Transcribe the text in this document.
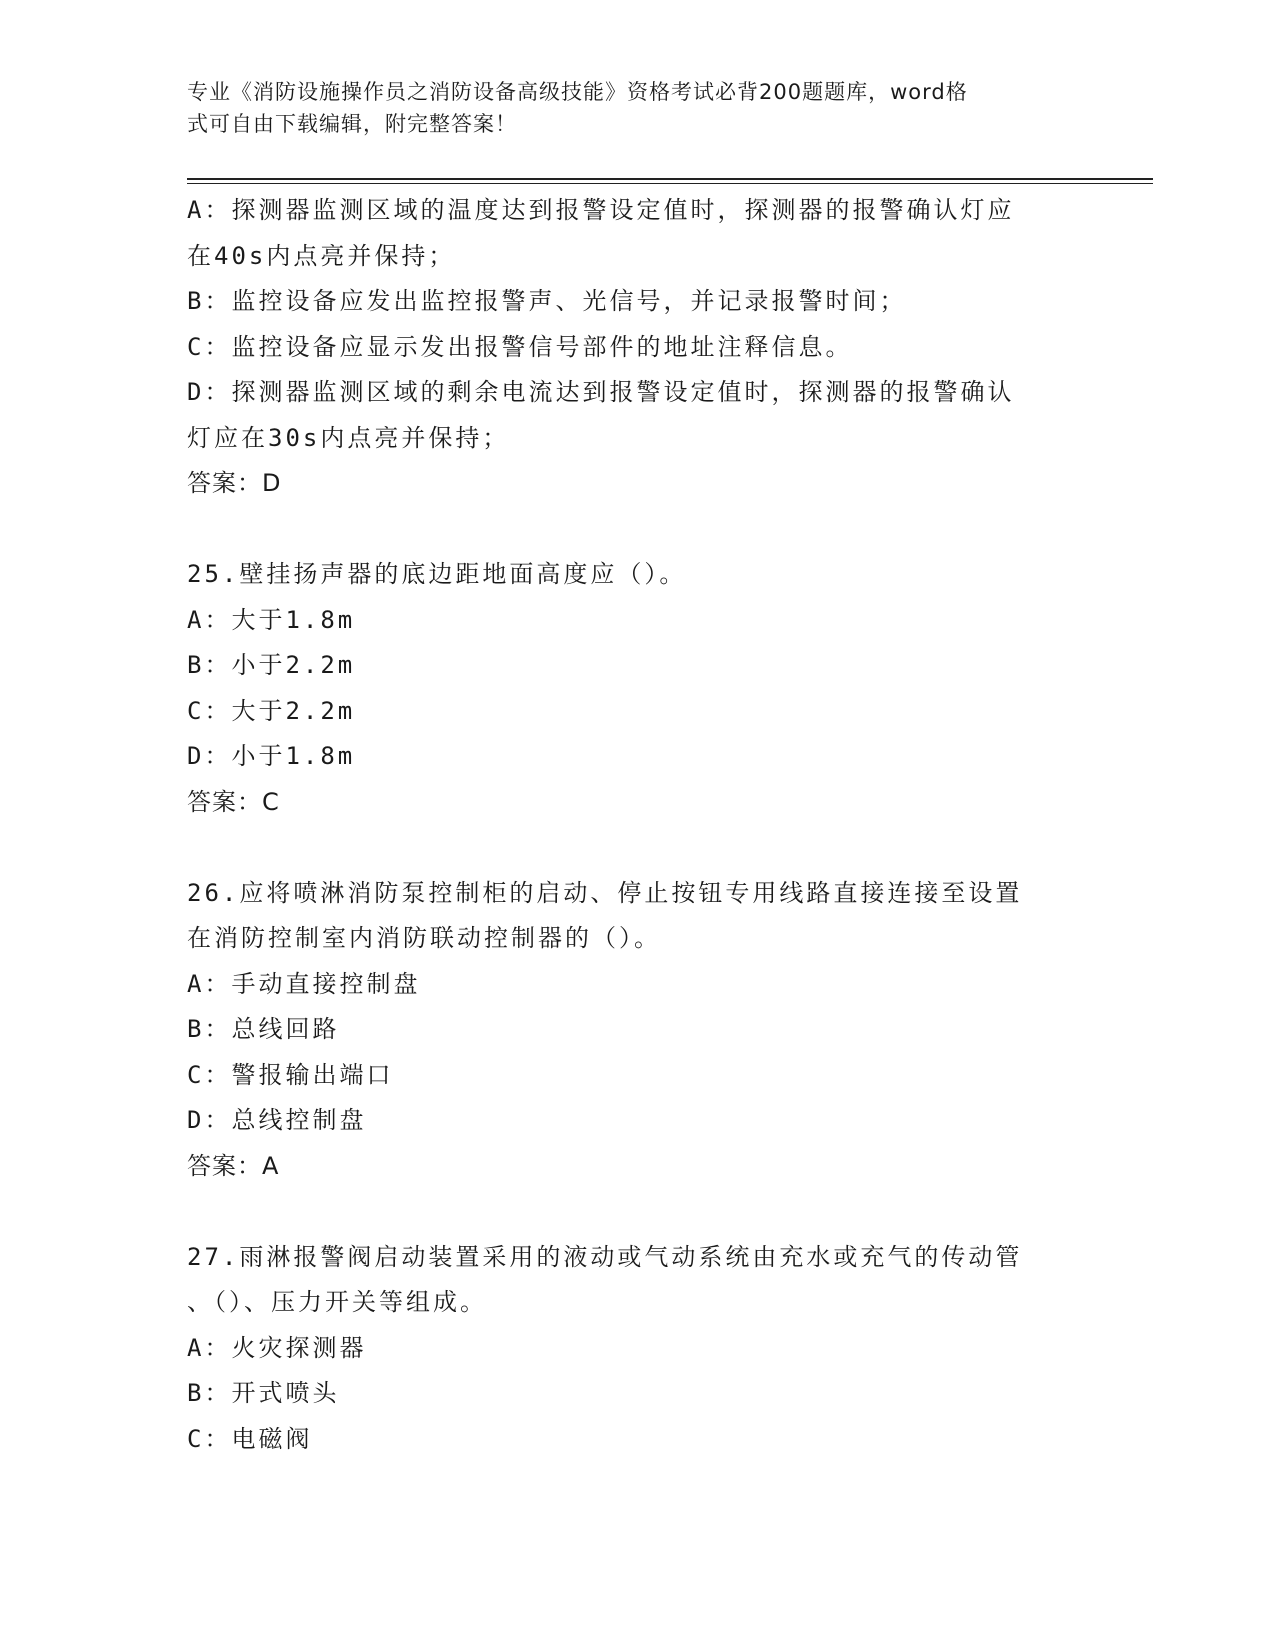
专业《消防设施操作员之消防设备高级技能》资格考试必背200题题库，word格
式可自由下载编辑，附完整答案！

A：探测器监测区域的温度达到报警设定值时，探测器的报警确认灯应

在40s内点亮并保持；

B：监控设备应发出监控报警声、光信号，并记录报警时间；

C：监控设备应显示发出报警信号部件的地址注释信息。

D：探测器监测区域的剩余电流达到报警设定值时，探测器的报警确认

灯应在30s内点亮并保持；

答案：D

25.壁挂扬声器的底边距地面高度应（）。

A：大于1.8m

B：小于2.2m

C：大于2.2m

D：小于1.8m

答案：C

26.应将喷淋消防泵控制柜的启动、停止按钮专用线路直接连接至设置

在消防控制室内消防联动控制器的（）。

A：手动直接控制盘

B：总线回路

C：警报输出端口

D：总线控制盘

答案：A

27.雨淋报警阀启动装置采用的液动或气动系统由充水或充气的传动管

、（）、压力开关等组成。

A：火灾探测器

B：开式喷头

C：电磁阀
